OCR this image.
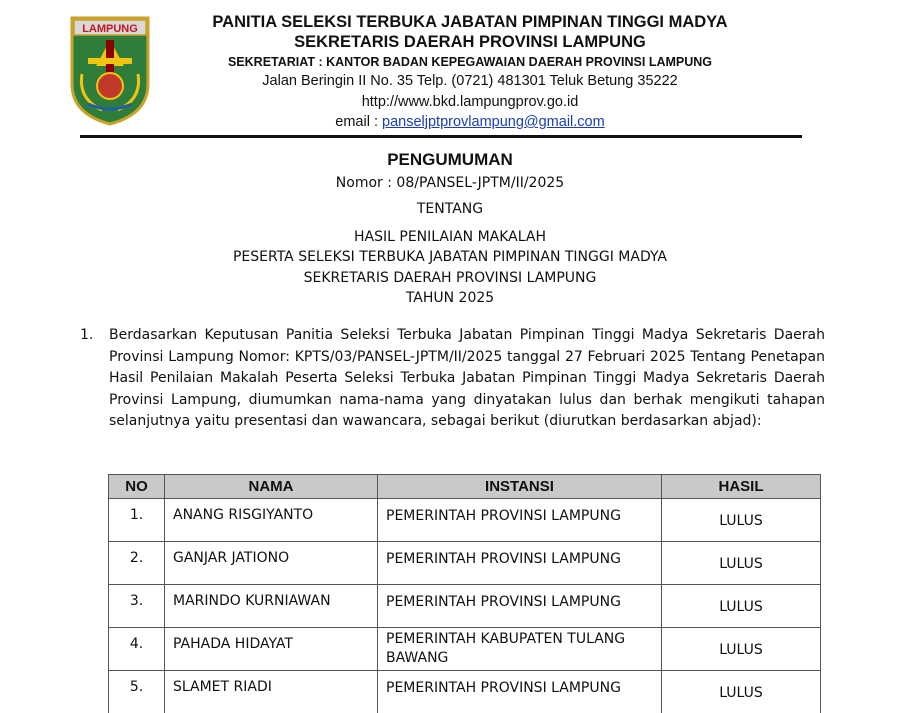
LAMPUNG	PANITIA SELEKSI TERBUKA JABATAN PIMPINAN TINGGI MADYA
SEKRETARIS DAERAH PROVINSI LAMPUNG
SEKRETARIAT : KANTOR BADAN KEPEGAWAIAN DAERAH PROVINSI LAMPUNG
Jalan Beringin II No. 35 Telp. (0721) 481301 Teluk Betung 35222
http://www.bkd.lampungprov.go.id
email : panseljptprovlampung@gmail.com
PENGUMUMAN
Nomor : 08/PANSEL-JPTM/II/2025
TENTANG
HASIL PENILAIAN MAKALAH
PESERTA SELEKSI TERBUKA JABATAN PIMPINAN TINGGI MADYA
SEKRETARIS DAERAH PROVINSI LAMPUNG
TAHUN 2025
1. Berdasarkan Keputusan Panitia Seleksi Terbuka Jabatan Pimpinan Tinggi Madya Sekretaris Daerah Provinsi Lampung Nomor: KPTS/03/PANSEL-JPTM/II/2025 tanggal 27 Februari 2025 Tentang Penetapan Hasil Penilaian Makalah Peserta Seleksi Terbuka Jabatan Pimpinan Tinggi Madya Sekretaris Daerah Provinsi Lampung, diumumkan nama-nama yang dinyatakan lulus dan berhak mengikuti tahapan selanjutnya yaitu presentasi dan wawancara, sebagai berikut (diurutkan berdasarkan abjad):
NO	NAMA	INSTANSI	HASIL
1.	ANANG RISGIYANTO	PEMERINTAH PROVINSI LAMPUNG	LULUS
2.	GANJAR JATIONO	PEMERINTAH PROVINSI LAMPUNG	LULUS
3.	MARINDO KURNIAWAN	PEMERINTAH PROVINSI LAMPUNG	LULUS
4.	PAHADA HIDAYAT	PEMERINTAH KABUPATEN TULANG BAWANG	LULUS
5.	SLAMET RIADI	PEMERINTAH PROVINSI LAMPUNG	LULUS
